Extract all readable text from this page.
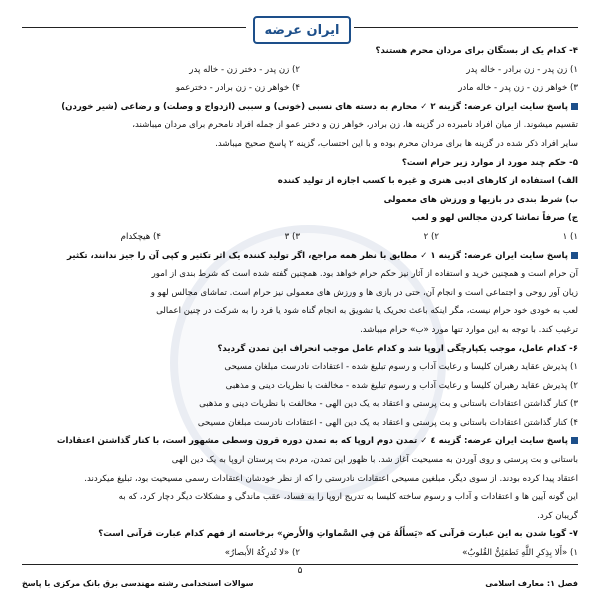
ایران عرضه

۴- کدام یک از بستگان برای مردان محرم هستند؟

۱) زن پدر - زن برادر - خاله پدر
۲) زن پدر - دختر زن - خاله پدر

۳) خواهر زن - زن پدر - خاله مادر
۴) خواهر زن - زن برادر - دخترعمو

پاسخ سایت ایران عرضه: گزینه ۲ ✓ محارم به دسته های نسبی (خونی) و سببی (ازدواج و وصلت) و رضاعی (شیر خوردن)

تقسیم میشوند. از میان افراد نامبرده در گزینه ها، زن برادر، خواهر زن و دختر عمو از جمله افراد نامحرم برای مردان میباشند،

سایر افراد ذکر شده در گزینه ها برای مردان محرم بوده و با این احتساب، گزینه ۲ پاسخ صحیح میباشد.

۵- حکم چند مورد از موارد زیر حرام است؟

الف) استفاده از کارهای ادبی هنری و غیره با کسب اجازه از تولید کننده

ب) شرط بندی در بازیها و ورزش های معمولی

ج) صرفاً تماشا کردن مجالس لهو و لعب

۱) ۱
۲) ۲
۳) ۳
۴) هیچکدام

پاسخ سایت ایران عرضه: گزینه ۱ ✓ مطابق با نظر همه مراجع، اگر تولید کننده یک اثر تکثیر و کپی آن را جیز ندانند، تکثیر

آن حرام است و همچنین خرید و استفاده از آثار نیز حکم حرام خواهد بود. همچنین گفته شده است که شرط بندی از امور

زیان آور روحی و اجتماعی است و انجام آن، حتی در بازی ها و ورزش های معمولی نیز حرام است. تماشای مجالس لهو و

لعب به خودی خود حرام نیست، مگر اینکه باعث تحریک یا تشویق به انجام گناه شود یا فرد را به شرکت در چنین اعمالی

ترغیب کند. با توجه به این موارد تنها مورد «ب» حرام میباشد.

۶- کدام عامل، موجب یکپارچگی اروپا شد و کدام عامل موجب انحراف این تمدن گردید؟

۱) پذیرش عقاید رهبران کلیسا و رعایت آداب و رسوم تبلیغ شده - اعتقادات نادرست مبلغان مسیحی

۲) پذیرش عقاید رهبران کلیسا و رعایت آداب و رسوم تبلیغ شده - مخالفت با نظریات دینی و مذهبی

۳) کنار گذاشتن اعتقادات باستانی و بت پرستی و اعتقاد به یک دین الهی - مخالفت با نظریات دینی و مذهبی

۴) کنار گذاشتن اعتقادات باستانی و بت پرستی و اعتقاد به یک دین الهی - اعتقادات نادرست مبلغان مسیحی

پاسخ سایت ایران عرضه: گزینه ٤ ✓ تمدن دوم اروپا که به تمدن دوره قرون وسطی مشهور است، با کنار گذاشتن اعتقادات

باستانی و بت پرستی و روی آوردن به مسیحیت آغاز شد. با ظهور این تمدن، مردم بت پرستان اروپا به یک دین الهی

اعتقاد پیدا کرده بودند. از سوی دیگر، مبلغین مسیحی اعتقادات نادرستی را که از نظر خودشان اعتقادات رسمی مسیحیت بود، تبلیغ میکردند.

این گونه آیین ها و اعتقادات و آداب و رسوم ساخته کلیسا به تدریج اروپا را به فساد، عقب ماندگی و مشکلات دیگر دچار کرد، که به

گریبان کرد.

۷- گویا شدن به این عبارت قرآنی که «يَسأَلُهُ مَن فِي السَّماواتِ وَالأَرضِ» برخاسته از فهم کدام عبارت قرآنی است؟

۱) «أَلا بِذِكرِ اللَّهِ تَطمَئِنُّ القُلوبُ»
۲) «لا تُدرِكُهُ الأَبصارُ»

۵
سوالات استخدامی رشته مهندسی برق بانک مرکزی با پاسخ	فصل ۱: معارف اسلامی
